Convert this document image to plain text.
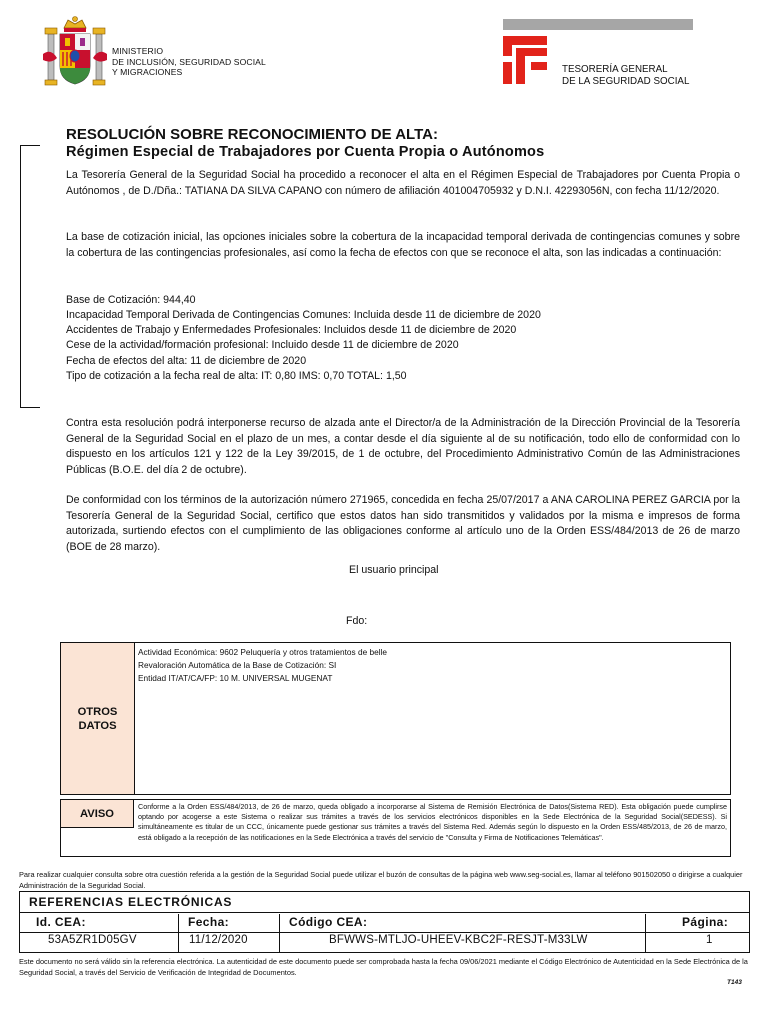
MINISTERIO
DE INCLUSIÓN, SEGURIDAD SOCIAL
Y MIGRACIONES	TESORERÍA GENERAL
DE LA SEGURIDAD SOCIAL
RESOLUCIÓN SOBRE RECONOCIMIENTO DE ALTA:
Régimen Especial de Trabajadores por Cuenta Propia o Autónomos
La Tesorería General de la Seguridad Social ha procedido a reconocer el alta en el Régimen Especial de Trabajadores por Cuenta Propia o Autónomos , de D./Dña.: TATIANA DA SILVA CAPANO con número de afiliación 401004705932 y D.N.I. 42293056N, con fecha 11/12/2020.
La base de cotización inicial, las opciones iniciales sobre la cobertura de la incapacidad temporal derivada de contingencias comunes y sobre la cobertura de las contingencias profesionales, así como la fecha de efectos con que se reconoce el alta, son las indicadas a continuación:
Base de Cotización: 944,40
Incapacidad Temporal Derivada de Contingencias Comunes: Incluida desde 11 de diciembre de 2020
Accidentes de Trabajo y Enfermedades Profesionales: Incluidos desde 11 de diciembre de 2020
Cese de la actividad/formación profesional: Incluido desde 11 de diciembre de 2020
Fecha de efectos del alta: 11 de diciembre de 2020
Tipo de cotización a la fecha real de alta: IT: 0,80 IMS: 0,70 TOTAL: 1,50
Contra esta resolución podrá interponerse recurso de alzada ante el Director/a de la Administración de la Dirección Provincial de la Tesorería General de la Seguridad Social en el plazo de un mes, a contar desde el día siguiente al de su notificación, todo ello de conformidad con lo dispuesto en los artículos 121 y 122 de la Ley 39/2015, de 1 de octubre, del Procedimiento Administrativo Común de las Administraciones Públicas (B.O.E. del día 2 de octubre).
De conformidad con los términos de la autorización número 271965, concedida en fecha 25/07/2017 a ANA CAROLINA PEREZ GARCIA por la Tesorería General de la Seguridad Social, certifico que estos datos han sido transmitidos y validados por la misma e impresos de forma autorizada, surtiendo efectos con el cumplimiento de las obligaciones conforme al artículo uno de la Orden ESS/484/2013 de 26 de marzo (BOE de 28 marzo).
El usuario principal
Fdo:
OTROS
DATOS
Actividad Económica: 9602 Peluquería y otros tratamientos de belle
Revaloración Automática de la Base de Cotización: SI
Entidad IT/AT/CA/FP: 10 M. UNIVERSAL MUGENAT
AVISO
Conforme a la Orden ESS/484/2013, de 26 de marzo, queda obligado a incorporarse al Sistema de Remisión Electrónica de Datos(Sistema RED). Esta obligación puede cumplirse optando por acogerse a este Sistema o realizar sus trámites a través de los servicios electrónicos disponibles en la Sede Electrónica de la Seguridad Social(SEDESS). Si simultáneamente es titular de un CCC, únicamente puede gestionar sus trámites a través del Sistema Red. Además según lo dispuesto en la Orden ESS/485/2013, de 26 de marzo, está obligado a la recepción de las notificaciones en la Sede Electrónica a través del servicio de "Consulta y Firma de Notificaciones Telemáticas".
Para realizar cualquier consulta sobre otra cuestión referida a la gestión de la Seguridad Social puede utilizar el buzón de consultas de la página web www.seg-social.es, llamar al teléfono 901502050 o dirigirse a cualquier Administración de la Seguridad Social.
REFERENCIAS ELECTRÓNICAS
Id. CEA:	Fecha:	Código CEA:	Página:
53A5ZR1D05GV	11/12/2020	BFWWS-MTLJO-UHEEV-KBC2F-RESJT-M33LW	1
Este documento no será válido sin la referencia electrónica. La autenticidad de este documento puede ser comprobada hasta la fecha 09/06/2021 mediante el Código Electrónico de Autenticidad en la Sede Electrónica de la Seguridad Social, a través del Servicio de Verificación de Integridad de Documentos.
T143
